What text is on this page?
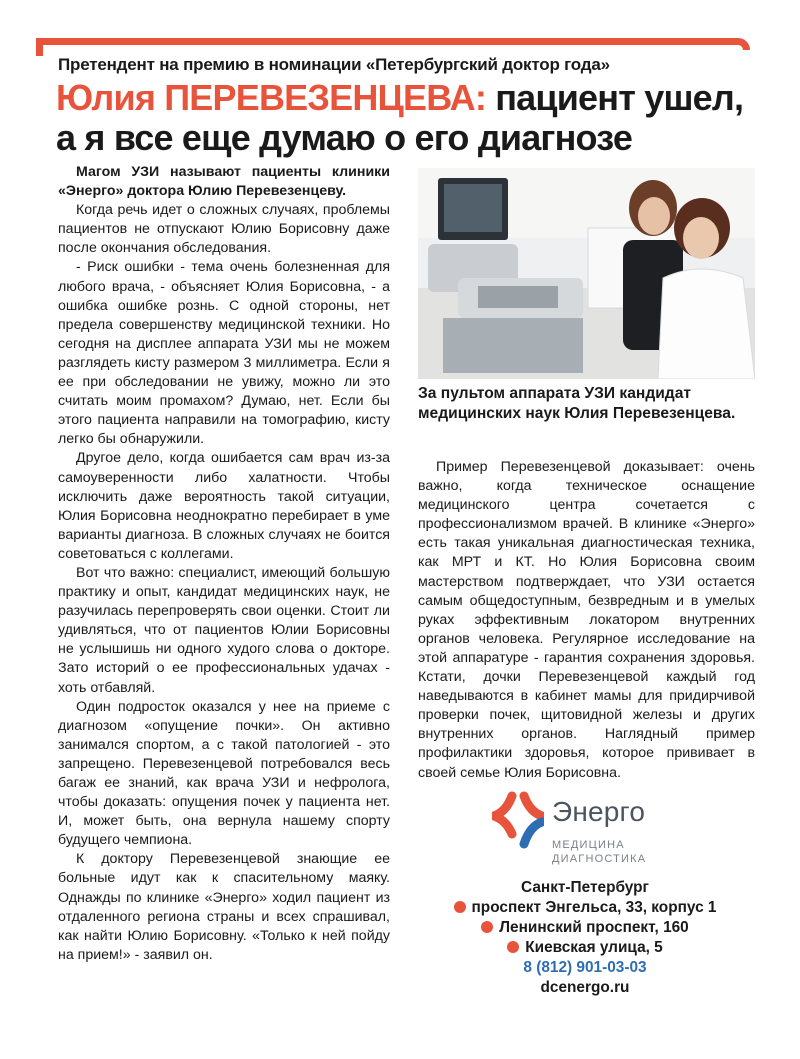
Претендент на премию в номинации «Петербургский доктор года»
Юлия ПЕРЕВЕЗЕНЦЕВА: пациент ушел,
а я все еще думаю о его диагнозе

Магом УЗИ называют пациенты клиники «Энерго» доктора Юлию Перевезенцеву.

Когда речь идет о сложных случаях, проблемы пациентов не отпускают Юлию Борисовну даже после окончания обследования.

- Риск ошибки - тема очень болезненная для любого врача, - объясняет Юлия Борисовна, - а ошибка ошибке рознь. С одной стороны, нет предела совершенству медицинской техники. Но сегодня на дисплее аппарата УЗИ мы не можем разглядеть кисту размером 3 миллиметра. Если я ее при обследовании не увижу, можно ли это считать моим промахом? Думаю, нет. Если бы этого пациента направили на томографию, кисту легко бы обнаружили.

Другое дело, когда ошибается сам врач из-за самоуверенности либо халатности. Чтобы исключить даже вероятность такой ситуации, Юлия Борисовна неоднократно перебирает в уме варианты диагноза. В сложных случаях не боится советоваться с коллегами.

Вот что важно: специалист, имеющий большую практику и опыт, кандидат медицинских наук, не разучилась перепроверять свои оценки. Стоит ли удивляться, что от пациентов Юлии Борисовны не услышишь ни одного худого слова о докторе. Зато историй о ее профессиональных удачах - хоть отбавляй.

Один подросток оказался у нее на приеме с диагнозом «опущение почки». Он активно занимался спортом, а с такой патологией - это запрещено. Перевезенцевой потребовался весь багаж ее знаний, как врача УЗИ и нефролога, чтобы доказать: опущения почек у пациента нет. И, может быть, она вернула нашему спорту будущего чемпиона.

К доктору Перевезенцевой знающие ее больные идут как к спасительному маяку. Однажды по клинике «Энерго» ходил пациент из отдаленного региона страны и всех спрашивал, как найти Юлию Борисовну. «Только к ней пойду на прием!» - заявил он.

За пультом аппарата УЗИ кандидат медицинских наук Юлия Перевезенцева.

Пример Перевезенцевой доказывает: очень важно, когда техническое оснащение медицинского центра сочетается с профессионализмом врачей. В клинике «Энерго» есть такая уникальная диагностическая техника, как МРТ и КТ. Но Юлия Борисовна своим мастерством подтверждает, что УЗИ остается самым общедоступным, безвредным и в умелых руках эффективным локатором внутренних органов человека. Регулярное исследование на этой аппаратуре - гарантия сохранения здоровья. Кстати, дочки Перевезенцевой каждый год наведываются в кабинет мамы для придирчивой проверки почек, щитовидной железы и других внутренних органов. Наглядный пример профилактики здоровья, которое прививает в своей семье Юлия Борисовна.

Энерго
МЕДИЦИНА
ДИАГНОСТИКА
Санкт-Петербург
проспект Энгельса, 33, корпус 1
Ленинский проспект, 160
Киевская улица, 5
8 (812) 901-03-03
dcenergo.ru
